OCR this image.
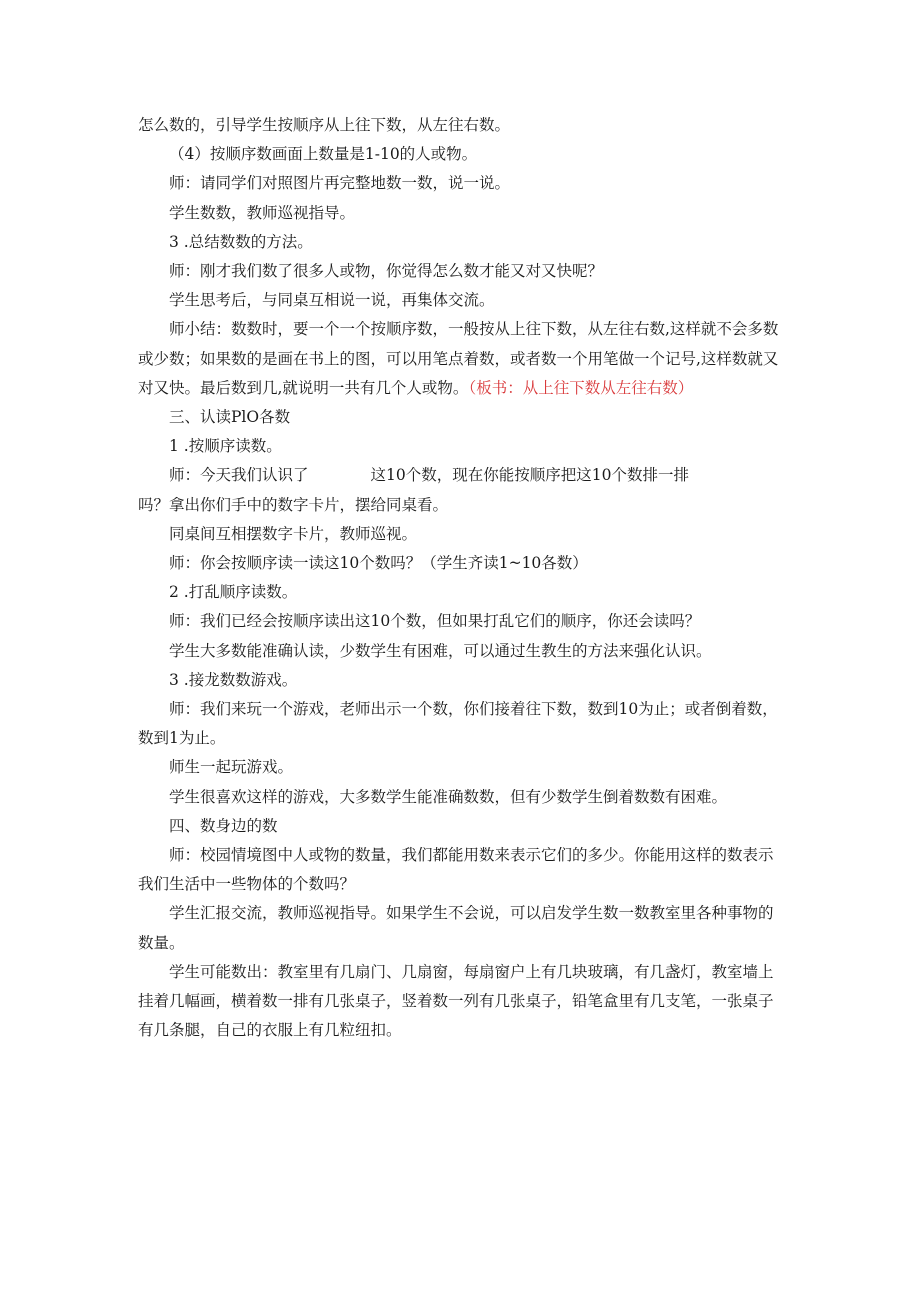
怎么数的，引导学生按顺序从上往下数，从左往右数。

（4）按顺序数画面上数量是1-10的人或物。

师：请同学们对照图片再完整地数一数，说一说。

学生数数，教师巡视指导。

3 .总结数数的方法。

师：刚才我们数了很多人或物，你觉得怎么数才能又对又快呢？

学生思考后，与同桌互相说一说，再集体交流。

师小结：数数时，要一个一个按顺序数，一般按从上往下数，从左往右数,这样就不会多数或少数；如果数的是画在书上的图，可以用笔点着数，或者数一个用笔做一个记号,这样数就又对又快。最后数到几,就说明一共有几个人或物。（板书：从上往下数从左往右数）

三、认读PlO各数

1 .按顺序读数。

师：今天我们认识了	这10个数，现在你能按顺序把这10个数排一排

吗？拿出你们手中的数字卡片，摆给同桌看。

同桌间互相摆数字卡片，教师巡视。

师：你会按顺序读一读这10个数吗？（学生齐读1~10各数）

2 .打乱顺序读数。

师：我们已经会按顺序读出这10个数，但如果打乱它们的顺序，你还会读吗？

学生大多数能准确认读，少数学生有困难，可以通过生教生的方法来强化认识。

3 .接龙数数游戏。

师：我们来玩一个游戏，老师出示一个数，你们接着往下数，数到10为止；或者倒着数，数到1为止。

师生一起玩游戏。

学生很喜欢这样的游戏，大多数学生能准确数数，但有少数学生倒着数数有困难。

四、数身边的数

师：校园情境图中人或物的数量，我们都能用数来表示它们的多少。你能用这样的数表示我们生活中一些物体的个数吗？

学生汇报交流，教师巡视指导。如果学生不会说，可以启发学生数一数教室里各种事物的数量。

学生可能数出：教室里有几扇门、几扇窗，每扇窗户上有几块玻璃，有几盏灯，教室墙上挂着几幅画，横着数一排有几张桌子，竖着数一列有几张桌子，铅笔盒里有几支笔，一张桌子有几条腿，自己的衣服上有几粒纽扣。
